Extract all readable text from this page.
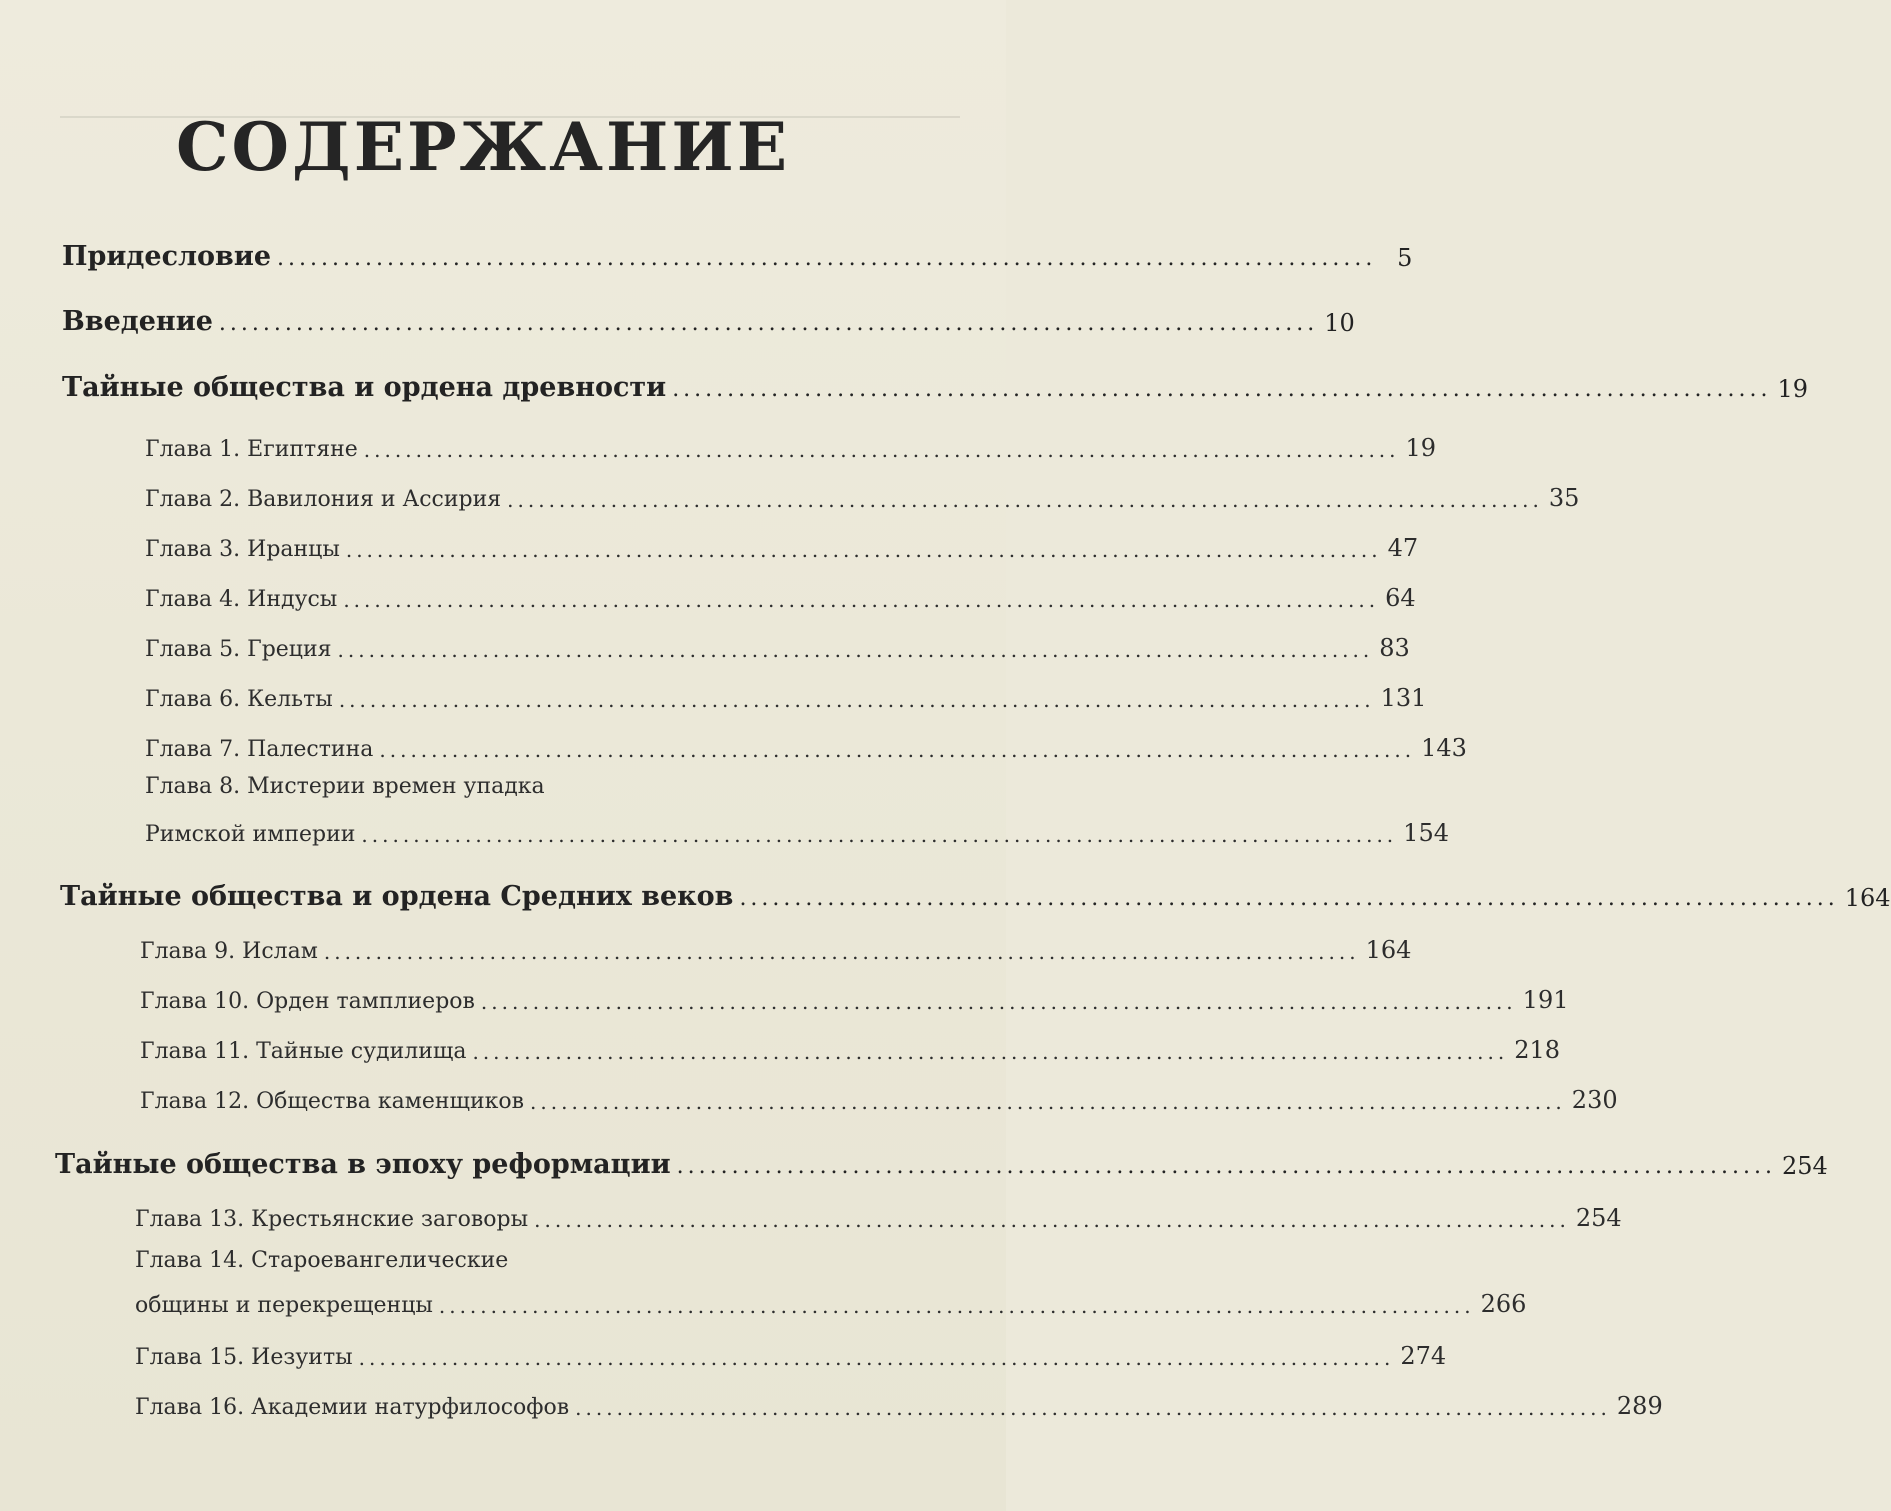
СОДЕРЖАНИЕ
Придесловие .................................................................................................... 5
Введение .................................................................................................... 10
Тайные общества и ордена древности .................................................................................................... 19
Глава 1. Египтяне .................................................................................................... 19
Глава 2. Вавилония и Ассирия .................................................................................................... 35
Глава 3. Иранцы .................................................................................................... 47
Глава 4. Индусы .................................................................................................... 64
Глава 5. Греция .................................................................................................... 83
Глава 6. Кельты .................................................................................................... 131
Глава 7. Палестина .................................................................................................... 143
Глава 8. Мистерии времен упадка
Римской империи .................................................................................................... 154
Тайные общества и ордена Средних веков .................................................................................................... 164
Глава 9. Ислам .................................................................................................... 164
Глава 10. Орден тамплиеров .................................................................................................... 191
Глава 11. Тайные судилища .................................................................................................... 218
Глава 12. Общества каменщиков .................................................................................................... 230
Тайные общества в эпоху реформации .................................................................................................... 254
Глава 13. Крестьянские заговоры .................................................................................................... 254
Глава 14. Староевангелические
общины и перекрещенцы .................................................................................................... 266
Глава 15. Иезуиты .................................................................................................... 274
Глава 16. Академии натурфилософов .................................................................................................... 289
